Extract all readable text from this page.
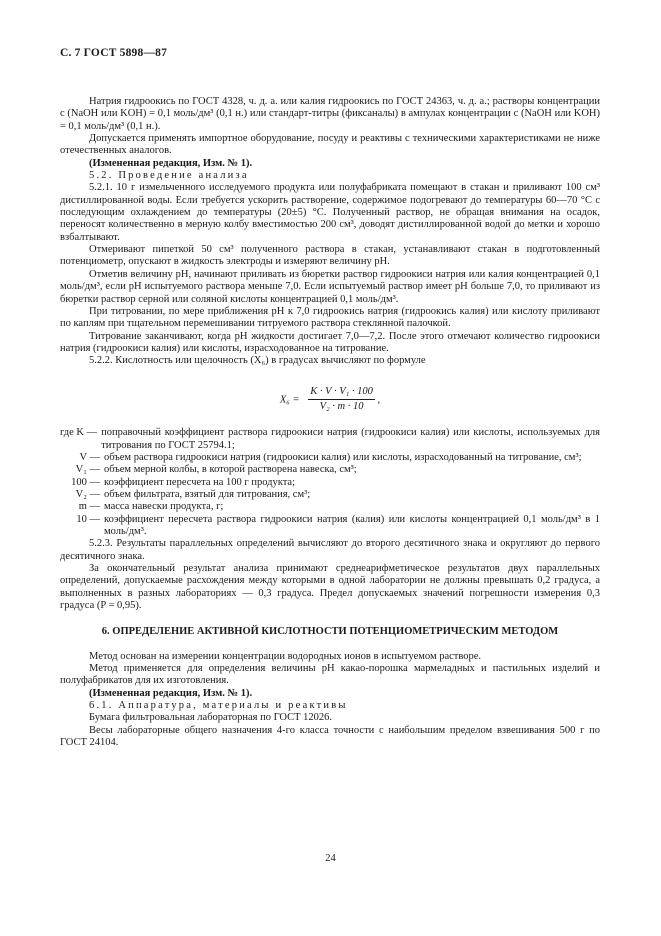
С. 7 ГОСТ 5898—87

Натрия гидроокись по ГОСТ 4328, ч. д. а. или калия гидроокись по ГОСТ 24363, ч. д. а.; растворы концентрации c (NaOH или KOH) = 0,1 моль/дм³ (0,1 н.) или стандарт-титры (фиксаналы) в ампулах концентрации c (NaOH или KOH) = 0,1 моль/дм³ (0,1 н.).

Допускается применять импортное оборудование, посуду и реактивы с техническими характеристиками не ниже отечественных аналогов.

(Измененная редакция, Изм. № 1).

5.2. Проведение анализа

5.2.1. 10 г измельченного исследуемого продукта или полуфабриката помещают в стакан и приливают 100 см³ дистиллированной воды. Если требуется ускорить растворение, содержимое подогревают до температуры 60—70 °С с последующим охлаждением до температуры (20±5) °С. Полученный раствор, не обращая внимания на осадок, переносят количественно в мерную колбу вместимостью 200 см³, доводят дистиллированной водой до метки и хорошо взбалтывают.

Отмеривают пипеткой 50 см³ полученного раствора в стакан, устанавливают стакан в подготовленный потенциометр, опускают в жидкость электроды и измеряют величину pH.

Отметив величину pH, начинают приливать из бюретки раствор гидроокиси натрия или калия концентрацией 0,1 моль/дм³, если pH испытуемого раствора меньше 7,0. Если испытуемый раствор имеет pH больше 7,0, то приливают из бюретки раствор серной или соляной кислоты концентрацией 0,1 моль/дм³.

При титровании, по мере приближения pH к 7,0 гидроокись натрия (гидроокись калия) или кислоту приливают по каплям при тщательном перемешивании титруемого раствора стеклянной палочкой.

Титрование заканчивают, когда pH жидкости достигает 7,0—7,2. После этого отмечают количество гидроокиси натрия (гидроокиси калия) или кислоты, израсходованное на титрование.

5.2.2. Кислотность или щелочность (X₆) в градусах вычисляют по формуле

$X_6 = \frac{\text{K · V · V₁ · 100}}{\text{V₂ · m · 10}}$ ,
где K — поправочный коэффициент раствора гидроокиси натрия (гидроокиси калия) или кислоты, используемых для титрования по ГОСТ 25794.1;
V — объем раствора гидроокиси натрия (гидроокиси калия) или кислоты, израсходованный на титрование, см³;
V₁ — объем мерной колбы, в которой растворена навеска, см³;
100 — коэффициент пересчета на 100 г продукта;
V₂ — объем фильтрата, взятый для титрования, см³;
m — масса навески продукта, г;
10 — коэффициент пересчета раствора гидроокиси натрия (калия) или кислоты концентрацией 0,1 моль/дм³ в 1 моль/дм³.

5.2.3. Результаты параллельных определений вычисляют до второго десятичного знака и округляют до первого десятичного знака.

За окончательный результат анализа принимают среднеарифметическое результатов двух параллельных определений, допускаемые расхождения между которыми в одной лаборатории не должны превышать 0,2 градуса, а выполненных в разных лабораториях — 0,3 градуса. Предел допускаемых значений погрешности измерения 0,3 градуса (P = 0,95).

6. ОПРЕДЕЛЕНИЕ АКТИВНОЙ КИСЛОТНОСТИ ПОТЕНЦИОМЕТРИЧЕСКИМ МЕТОДОМ

Метод основан на измерении концентрации водородных ионов в испытуемом растворе.

Метод применяется для определения величины pH какао-порошка мармеладных и пастильных изделий и полуфабрикатов для их изготовления.

(Измененная редакция, Изм. № 1).

6.1. Аппаратура, материалы и реактивы

Бумага фильтровальная лабораторная по ГОСТ 12026.

Весы лабораторные общего назначения 4-го класса точности с наибольшим пределом взвешивания 500 г по ГОСТ 24104.

24
